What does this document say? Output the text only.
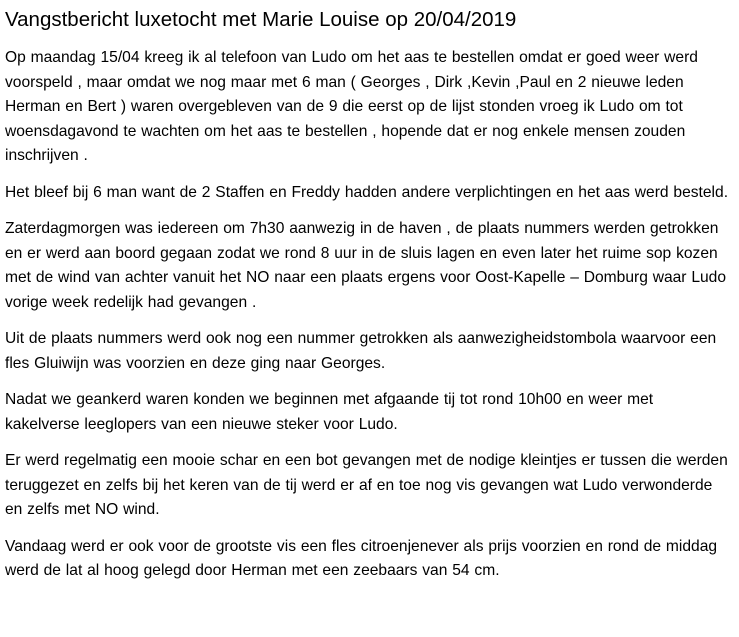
Vangstbericht luxetocht met Marie Louise op 20/04/2019

Op maandag 15/04 kreeg ik al telefoon van Ludo om het aas te bestellen omdat er goed weer werd voorspeld , maar omdat we nog maar met 6 man ( Georges , Dirk ,Kevin ,Paul en 2 nieuwe leden Herman en Bert ) waren overgebleven van de 9 die eerst op de lijst stonden vroeg ik Ludo om tot woensdagavond te wachten om het aas te bestellen , hopende dat er nog enkele mensen zouden inschrijven .

Het bleef bij 6 man want de 2 Staffen en Freddy hadden andere verplichtingen en het aas werd besteld.

Zaterdagmorgen was iedereen om 7h30 aanwezig in de haven , de plaats nummers werden getrokken en er werd aan boord gegaan zodat we rond 8 uur in de sluis lagen en even later het ruime sop kozen met de wind van achter vanuit het NO naar een plaats ergens voor Oost-Kapelle – Domburg waar Ludo vorige week redelijk had gevangen .

Uit de plaats nummers werd ook nog een nummer getrokken als aanwezigheidstombola waarvoor een fles Gluiwijn was voorzien en deze ging naar Georges.

Nadat we geankerd waren konden we beginnen met afgaande tij tot rond 10h00 en weer met kakelverse leeglopers van een nieuwe steker voor Ludo.

Er werd regelmatig een mooie schar en een bot gevangen met de nodige kleintjes er tussen die werden teruggezet en zelfs bij het keren van de tij werd er af en toe nog vis gevangen wat Ludo verwonderde en zelfs met NO wind.

Vandaag werd er ook voor de grootste vis een fles citroenjenever als prijs voorzien en rond de middag werd de lat al hoog gelegd door Herman met een zeebaars van 54 cm.
